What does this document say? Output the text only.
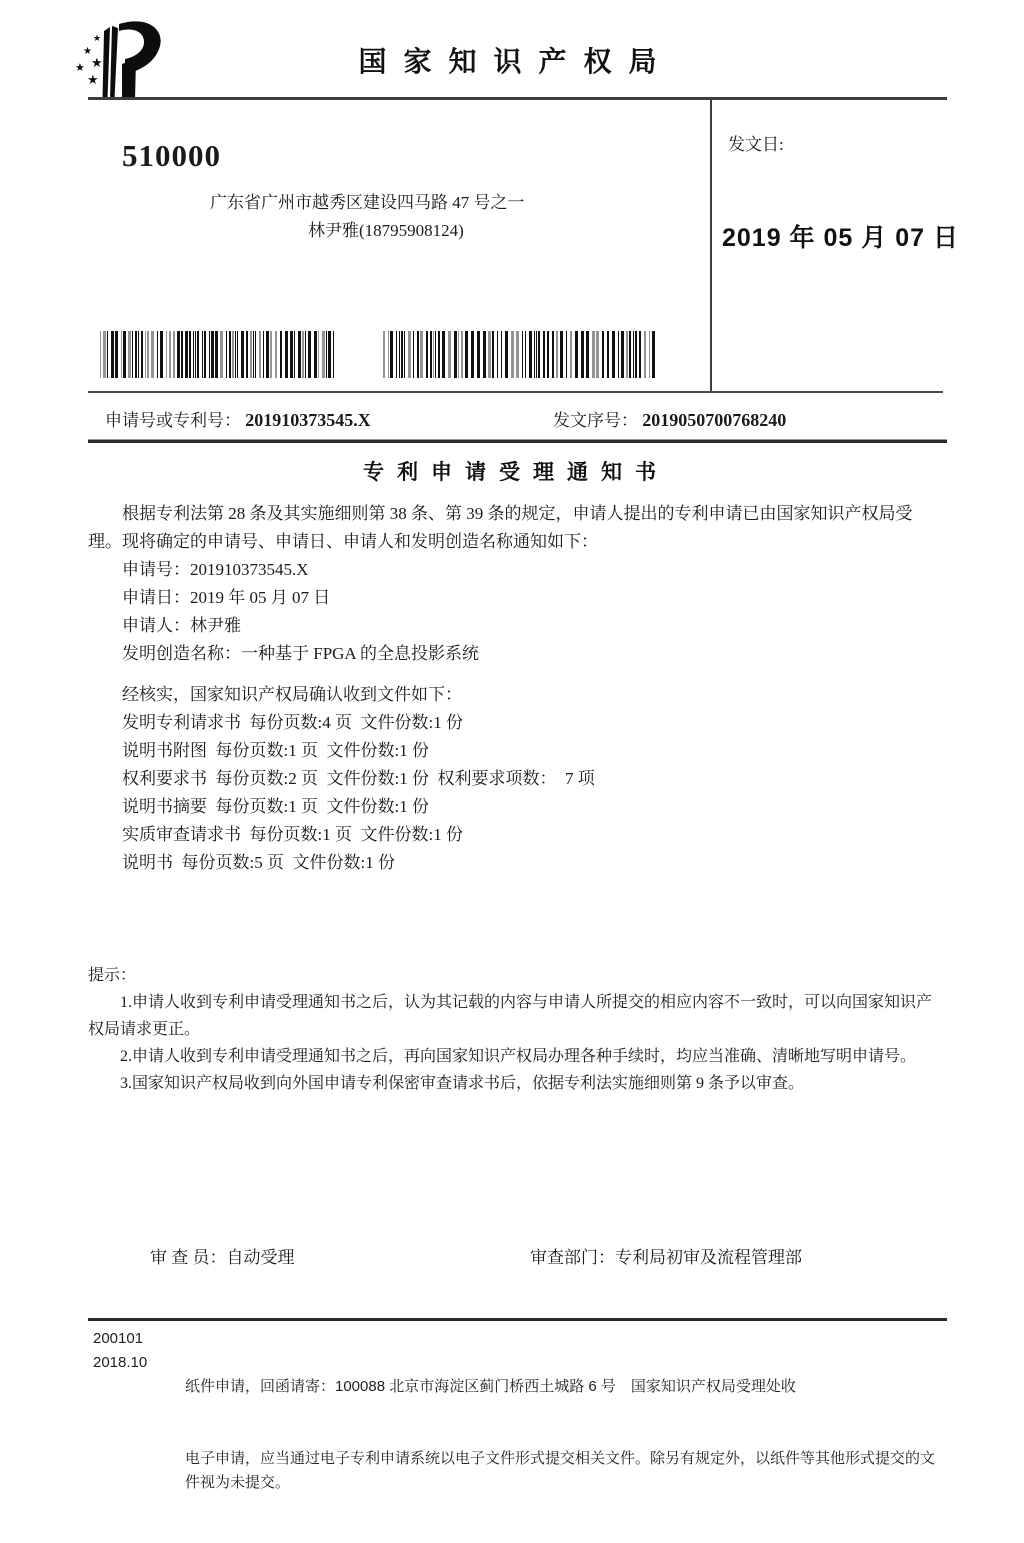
★
★
★
★
★
国家知识产权局
510000
广东省广州市越秀区建设四马路 47 号之一
林尹雅(18795908124)
发文日:
2019 年 05 月 07 日
申请号或专利号： 201910373545.X	发文序号： 2019050700768240
专利申请受理通知书

根据专利法第 28 条及其实施细则第 38 条、第 39 条的规定，申请人提出的专利申请已由国家知识产权局受理。现将确定的申请号、申请日、申请人和发明创造名称通知如下：

申请号：201910373545.X
申请日：2019 年 05 月 07 日
申请人：林尹雅
发明创造名称：一种基于 FPGA 的全息投影系统
经核实，国家知识产权局确认收到文件如下：
发明专利请求书  每份页数:4 页  文件份数:1 份
说明书附图  每份页数:1 页  文件份数:1 份
权利要求书  每份页数:2 页  文件份数:1 份  权利要求项数：  7 项
说明书摘要  每份页数:1 页  文件份数:1 份
实质审查请求书  每份页数:1 页  文件份数:1 份
说明书  每份页数:5 页  文件份数:1 份
提示：
1.申请人收到专利申请受理通知书之后，认为其记载的内容与申请人所提交的相应内容不一致时，可以向国家知识产权局请求更正。
2.申请人收到专利申请受理通知书之后，再向国家知识产权局办理各种手续时，均应当准确、清晰地写明申请号。
3.国家知识产权局收到向外国申请专利保密审查请求书后，依据专利法实施细则第 9 条予以审查。
审 查 员：自动受理	审查部门：专利局初审及流程管理部
200101
2018.10

纸件申请，回函请寄：100088 北京市海淀区蓟门桥西土城路 6 号　国家知识产权局受理处收

电子申请，应当通过电子专利申请系统以电子文件形式提交相关文件。除另有规定外，以纸件等其他形式提交的文件视为未提交。
